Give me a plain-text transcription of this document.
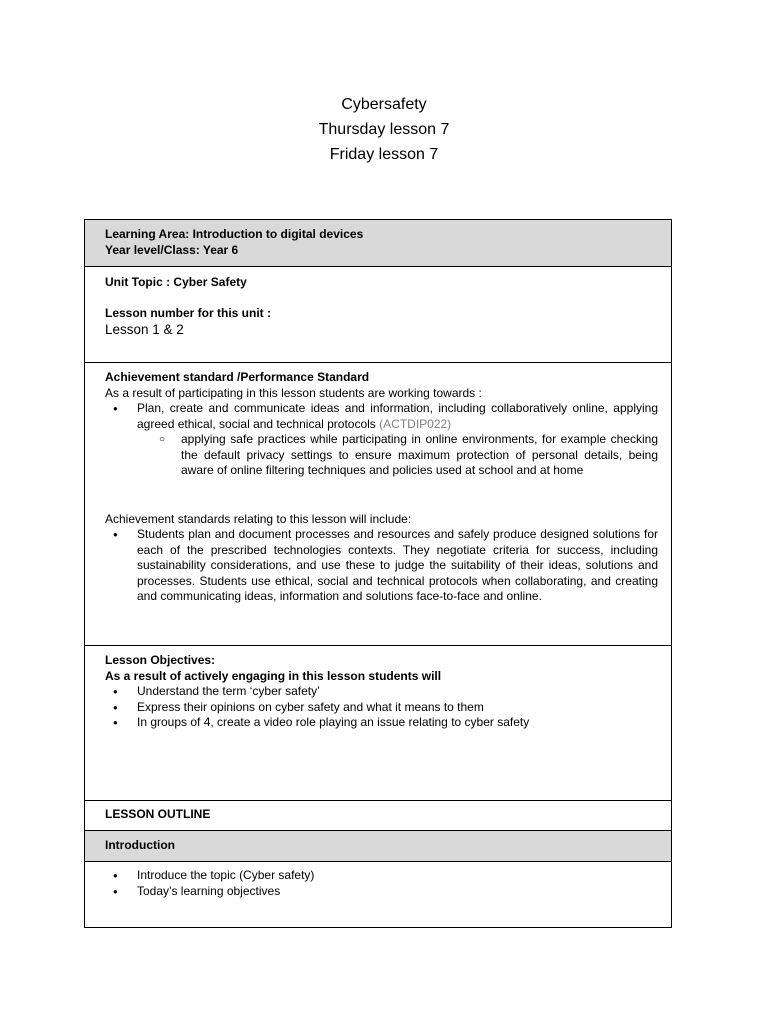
Cybersafety
Thursday lesson 7
Friday lesson 7

Learning Area: Introduction to digital devices

Year level/Class: Year 6

Unit Topic : Cyber Safety

Lesson number for this unit :

Lesson 1 & 2

Achievement standard /Performance Standard

As a result of participating in this lesson students are working towards :

● Plan, create and communicate ideas and information, including collaboratively online, applying agreed ethical, social and technical protocols (ACTDIP022)
○ applying safe practices while participating in online environments, for example checking the default privacy settings to ensure maximum protection of personal details, being aware of online filtering techniques and policies used at school and at home

Achievement standards relating to this lesson will include:

● Students plan and document processes and resources and safely produce designed solutions for each of the prescribed technologies contexts. They negotiate criteria for success, including sustainability considerations, and use these to judge the suitability of their ideas, solutions and processes. Students use ethical, social and technical protocols when collaborating, and creating and communicating ideas, information and solutions face-to-face and online.

Lesson Objectives:

As a result of actively engaging in this lesson students will

● Understand the term ‘cyber safety’
● Express their opinions on cyber safety and what it means to them
● In groups of 4, create a video role playing an issue relating to cyber safety

LESSON OUTLINE

Introduction

● Introduce the topic (Cyber safety)
● Today’s learning objectives
